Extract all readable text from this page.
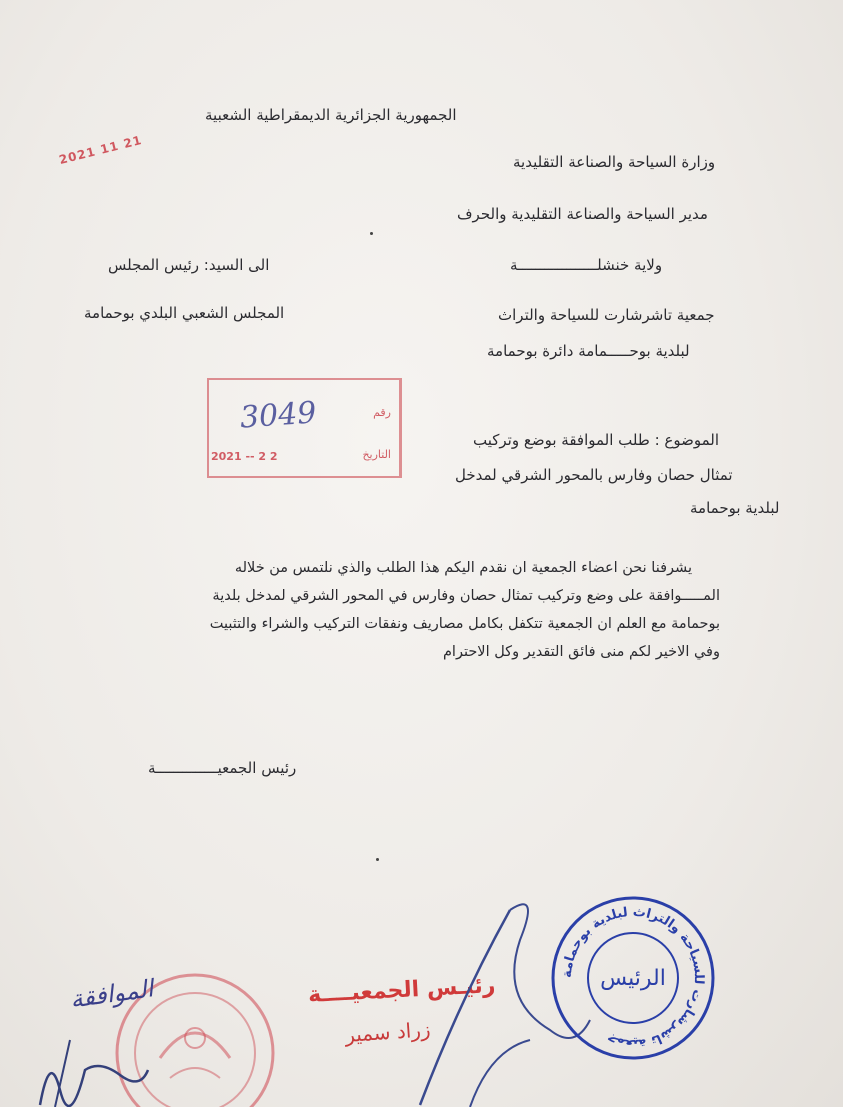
الجمهورية الجزائرية الديمقراطية الشعبية
2021 11 21	وزارة السياحة والصناعة التقليدية
مدير السياحة والصناعة التقليدية والحرف
ولاية خنشلــــــــــــــــــة
الى السيد: رئيس المجلس
جمعية تاشرشارت للسياحة والتراث
المجلس الشعبي البلدي بوحمامة
لبلدية بوحـــــمامة دائرة بوحمامة
رقم
التاريخ
2021 -- 2 2
3049
الموضوع : طلب الموافقة بوضع وتركيب
تمثال حصان وفارس بالمحور الشرقي لمدخل
لبلدية بوحمامة
يشرفنا نحن اعضاء الجمعية ان نقدم اليكم هذا الطلب والذي نلتمس من خلاله
المـــــوافقة على وضع وتركيب تمثال حصان وفارس في المحور الشرقي لمدخل بلدية
بوحمامة مع العلم ان الجمعية تتكفل بكامل مصاريف ونفقات التركيب والشراء والتثبيت
وفي الاخير لكم منى فائق التقدير وكل الاحترام
رئيس الجمعيــــــــــــــة
الموافقة	رئيـس الجمعيــــة
زراد سمير
جمعية تاشرشارت للسياحة والتراث لبلدية بوحمامة
الرئيس
